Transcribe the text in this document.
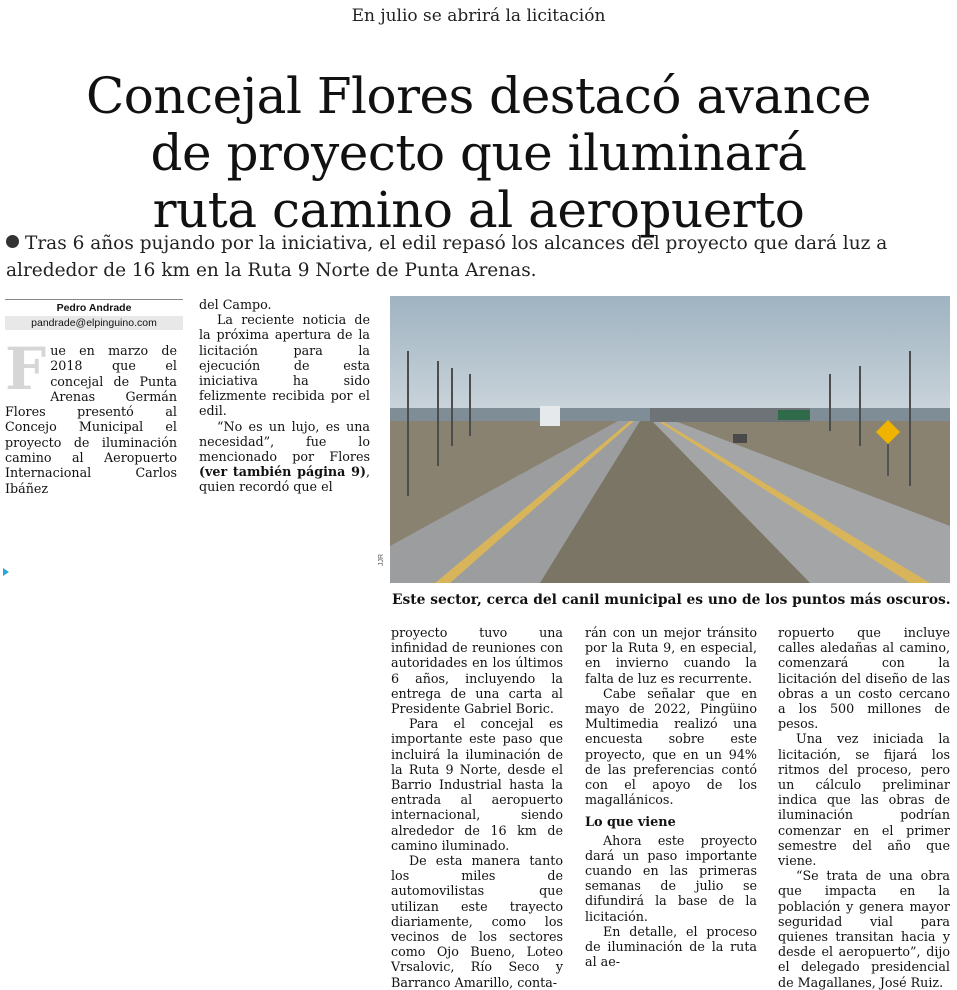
En julio se abrirá la licitación
Concejal Flores destacó avance
de proyecto que iluminará
ruta camino al aeropuerto
Tras 6 años pujando por la iniciativa, el edil repasó los alcances del proyecto que dará luz a alrededor de 16 km en la Ruta 9 Norte de Punta Arenas.
Pedro Andrade
pandrade@elpinguino.com
Fue en marzo de 2018 que el concejal de Punta Arenas Germán Flores presentó al Concejo Municipal el proyecto de iluminación camino al Aeropuerto Internacional Carlos Ibáñez

del Campo.

La reciente noticia de la próxima apertura de la licitación para la ejecución de esta iniciativa ha sido felizmente recibida por el edil.

“No es un lujo, es una necesidad”, fue lo mencionado por Flores (ver también página 9), quien recordó que el

JJR
Este sector, cerca del canil municipal es uno de los puntos más oscuros.

proyecto tuvo una infinidad de reuniones con autoridades en los últimos 6 años, incluyendo la entrega de una carta al Presidente Gabriel Boric.

Para el concejal es importante este paso que incluirá la iluminación de la Ruta 9 Norte, desde el Barrio Industrial hasta la entrada al aeropuerto internacional, siendo alrededor de 16 km de camino iluminado.

De esta manera tanto los miles de automovilistas que utilizan este trayecto diariamente, como los vecinos de los sectores como Ojo Bueno, Loteo Vrsalovic, Río Seco y Barranco Amarillo, conta-

rán con un mejor tránsito por la Ruta 9, en especial, en invierno cuando la falta de luz es recurrente.

Cabe señalar que en mayo de 2022, Pingüino Multimedia realizó una encuesta sobre este proyecto, que en un 94% de las preferencias contó con el apoyo de los magallánicos.

Lo que viene

Ahora este proyecto dará un paso importante cuando en las primeras semanas de julio se difundirá la base de la licitación.

En detalle, el proceso de iluminación de la ruta al ae-

ropuerto que incluye calles aledañas al camino, comenzará con la licitación del diseño de las obras a un costo cercano a los 500 millones de pesos.

Una vez iniciada la licitación, se fijará los ritmos del proceso, pero un cálculo preliminar indica que las obras de iluminación podrían comenzar en el primer semestre del año que viene.

“Se trata de una obra que impacta en la población y genera mayor seguridad vial para quienes transitan hacia y desde el aeropuerto”, dijo el delegado presidencial de Magallanes, José Ruiz.
